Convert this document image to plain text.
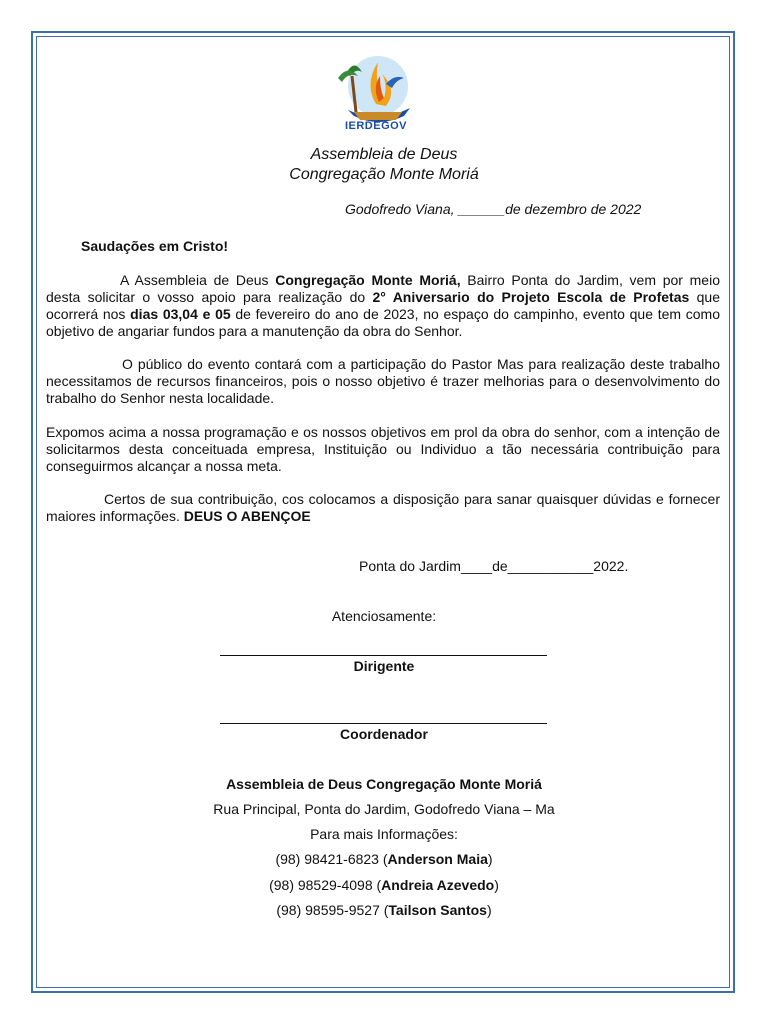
IERDEGOV
Assembleia de Deus
Congregação Monte Moriá
Godofredo Viana, ______de dezembro de 2022
Saudações em Cristo!

A Assembleia de Deus Congregação Monte Moriá, Bairro Ponta do Jardim, vem por meio desta solicitar o vosso apoio para realização do 2° Aniversario do Projeto Escola de Profetas que ocorrerá nos dias 03,04 e 05 de fevereiro do ano de 2023, no espaço do campinho, evento que tem como objetivo de angariar fundos para a manutenção da obra do Senhor.

O público do evento contará com a participação do Pastor Mas para realização deste trabalho necessitamos de recursos financeiros, pois o nosso objetivo é trazer melhorias para o desenvolvimento do trabalho do Senhor nesta localidade.

Expomos acima a nossa programação e os nossos objetivos em prol da obra do senhor, com a intenção de solicitarmos desta conceituada empresa, Instituição ou Individuo a tão necessária contribuição para conseguirmos alcançar a nossa meta.

Certos de sua contribuição, cos colocamos a disposição para sanar quaisquer dúvidas e fornecer maiores informações. DEUS O ABENÇOE

Ponta do Jardim____de___________2022.
Atenciosamente:
Dirigente
Coordenador
Assembleia de Deus Congregação Monte Moriá
Rua Principal, Ponta do Jardim, Godofredo Viana – Ma
Para mais Informações:
(98) 98421-6823 (Anderson Maia)
(98) 98529-4098 (Andreia Azevedo)
(98) 98595-9527 (Tailson Santos)
